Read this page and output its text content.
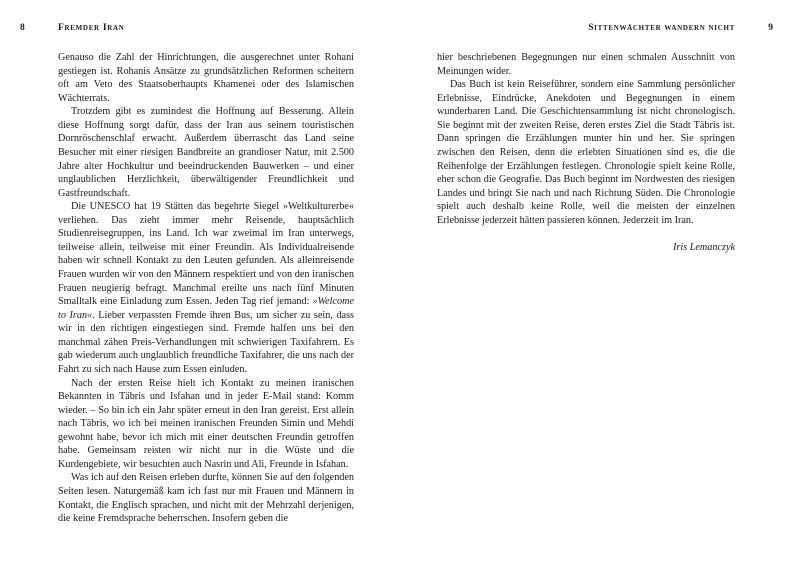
8	Fremder Iran

Genauso die Zahl der Hinrichtungen, die ausgerechnet unter Rohani gestiegen ist. Rohanis Ansätze zu grundsätzlichen Reformen scheitern oft am Veto des Staatsoberhaupts Khamenei oder des Islamischen Wächterrats.

Trotzdem gibt es zumindest die Hoffnung auf Besserung. Allein diese Hoffnung sorgt dafür, dass der Iran aus seinem touristischen Dornröschenschlaf erwacht. Außerdem überrascht das Land seine Besucher mit einer riesigen Bandbreite an grandioser Natur, mit 2.500 Jahre alter Hochkultur und beeindruckenden Bauwerken – und einer unglaublichen Herzlichkeit, überwältigender Freundlichkeit und Gastfreundschaft.

Die UNESCO hat 19 Stätten das begehrte Siegel »Weltkulturerbe« verliehen. Das zieht immer mehr Reisende, hauptsächlich Studienreisegruppen, ins Land. Ich war zweimal im Iran unterwegs, teilweise allein, teilweise mit einer Freundin. Als Individualreisende haben wir schnell Kontakt zu den Leuten gefunden. Als alleinreisende Frauen wurden wir von den Männern respektiert und von den iranischen Frauen neugierig befragt. Manchmal ereilte uns nach fünf Minuten Smalltalk eine Einladung zum Essen. Jeden Tag rief jemand: »Welcome to Iran«. Lieber verpassten Fremde ihren Bus, um sicher zu sein, dass wir in den richtigen eingestiegen sind. Fremde halfen uns bei den manchmal zähen Preis-Verhandlungen mit schwierigen Taxifahrern. Es gab wiederum auch unglaublich freundliche Taxifahrer, die uns nach der Fahrt zu sich nach Hause zum Essen einluden.

Nach der ersten Reise hielt ich Kontakt zu meinen iranischen Bekannten in Täbris und Isfahan und in jeder E-Mail stand: Komm wieder. – So bin ich ein Jahr später erneut in den Iran gereist. Erst allein nach Täbris, wo ich bei meinen iranischen Freunden Simin und Mehdi gewohnt habe, bevor ich mich mit einer deutschen Freundin getroffen habe. Gemeinsam reisten wir nicht nur in die Wüste und die Kurdengebiete, wir besuchten auch Nasrin und Ali, Freunde in Isfahan.

Was ich auf den Reisen erleben durfte, können Sie auf den folgenden Seiten lesen. Naturgemäß kam ich fast nur mit Frauen und Männern in Kontakt, die Englisch sprachen, und nicht mit der Mehrzahl derjenigen, die keine Fremdsprache beherrschen. Insofern geben die

Sittenwächter wandern nicht	9

hier beschriebenen Begegnungen nur einen schmalen Ausschnitt von Meinungen wider.

Das Buch ist kein Reiseführer, sondern eine Sammlung persönlicher Erlebnisse, Eindrücke, Anekdoten und Begegnungen in einem wunderbaren Land. Die Geschichtensammlung ist nicht chronologisch. Sie beginnt mit der zweiten Reise, deren erstes Ziel die Stadt Täbris ist. Dann springen die Erzählungen munter hin und her. Sie springen zwischen den Reisen, denn die erlebten Situationen sind es, die die Reihenfolge der Erzählungen festlegen. Chronologie spielt keine Rolle, eher schon die Geografie. Das Buch beginnt im Nordwesten des riesigen Landes und bringt Sie nach und nach Richtung Süden. Die Chronologie spielt auch deshalb keine Rolle, weil die meisten der einzelnen Erlebnisse jederzeit hätten passieren können. Jederzeit im Iran.

Iris Lemanczyk
